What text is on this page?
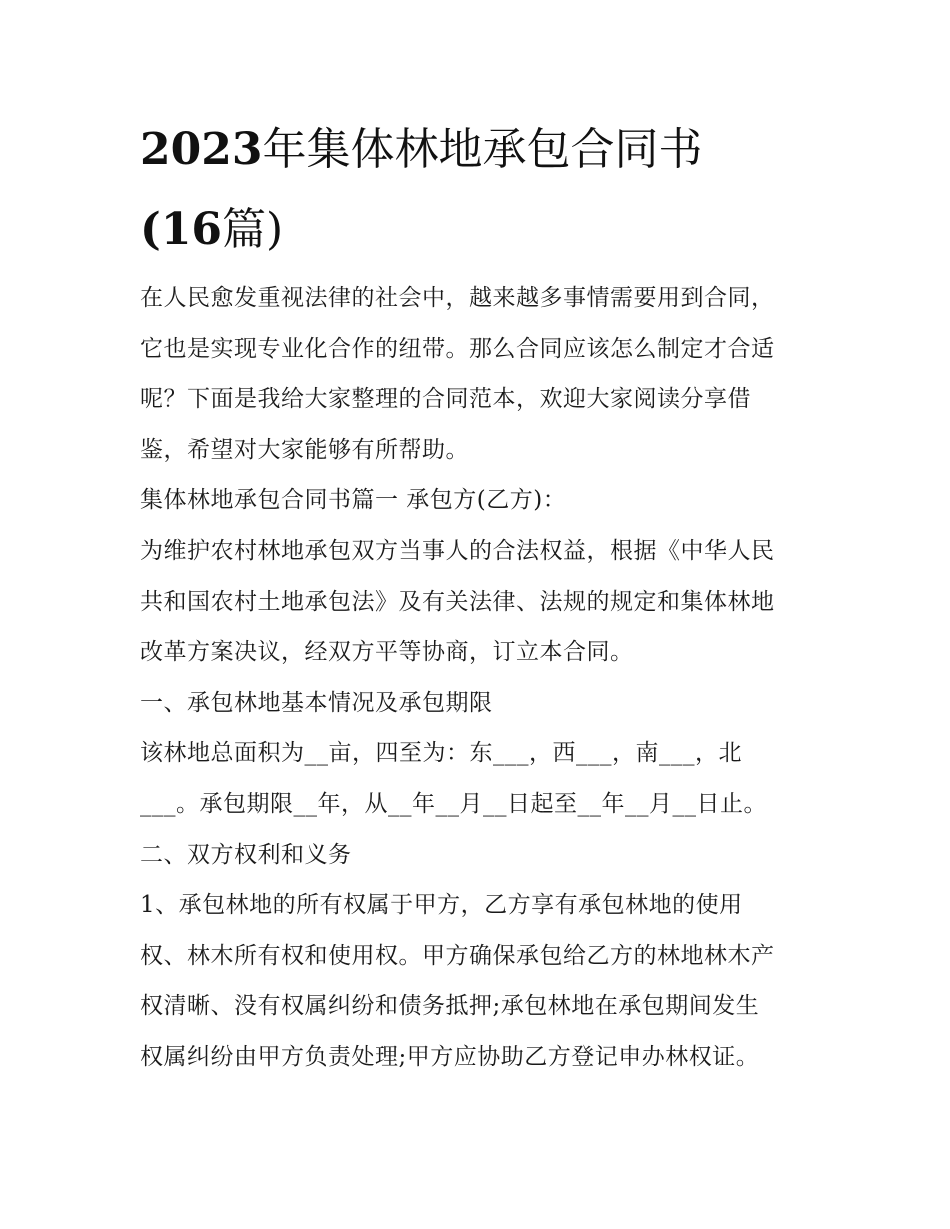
2023年集体林地承包合同书
(16篇)

在人民愈发重视法律的社会中，越来越多事情需要用到合同，
它也是实现专业化合作的纽带。那么合同应该怎么制定才合适
呢？下面是我给大家整理的合同范本，欢迎大家阅读分享借
鉴，希望对大家能够有所帮助。

集体林地承包合同书篇一 承包方(乙方)：

为维护农村林地承包双方当事人的合法权益，根据《中华人民
共和国农村土地承包法》及有关法律、法规的规定和集体林地
改革方案决议，经双方平等协商，订立本合同。

一、承包林地基本情况及承包期限

该林地总面积为__亩，四至为：东___，西___，南___，北
___。承包期限__年，从__年__月__日起至__年__月__日止。

二、双方权利和义务

1、承包林地的所有权属于甲方，乙方享有承包林地的使用
权、林木所有权和使用权。甲方确保承包给乙方的林地林木产
权清晰、没有权属纠纷和债务抵押;承包林地在承包期间发生
权属纠纷由甲方负责处理;甲方应协助乙方登记申办林权证。
